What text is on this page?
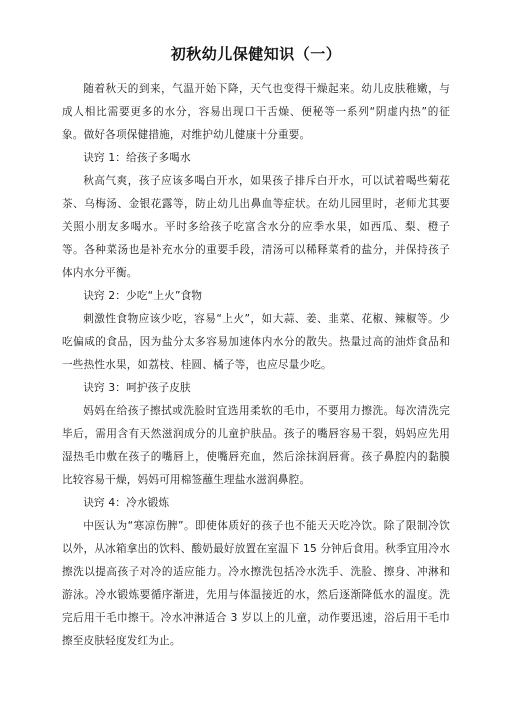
初秋幼儿保健知识（一）

随着秋天的到来，气温开始下降，天气也变得干燥起来。幼儿皮肤稚嫩，与成人相比需要更多的水分，容易出现口干舌燥、便秘等一系列“阴虚内热”的征象。做好各项保健措施，对维护幼儿健康十分重要。

诀窍 1：给孩子多喝水

秋高气爽，孩子应该多喝白开水，如果孩子排斥白开水，可以试着喝些菊花茶、乌梅汤、金银花露等，防止幼儿出鼻血等症状。在幼儿园里时，老师尤其要关照小朋友多喝水。平时多给孩子吃富含水分的应季水果，如西瓜、梨、橙子等。各种菜汤也是补充水分的重要手段，清汤可以稀释菜肴的盐分，并保持孩子体内水分平衡。

诀窍 2：少吃“上火”食物

刺激性食物应该少吃，容易“上火”，如大蒜、姜、韭菜、花椒、辣椒等。少吃偏咸的食品，因为盐分太多容易加速体内水分的散失。热量过高的油炸食品和一些热性水果，如荔枝、桂圆、橘子等，也应尽量少吃。

诀窍 3：呵护孩子皮肤

妈妈在给孩子擦拭或洗脸时宜选用柔软的毛巾，不要用力擦洗。每次清洗完毕后，需用含有天然滋润成分的儿童护肤品。孩子的嘴唇容易干裂，妈妈应先用湿热毛巾敷在孩子的嘴唇上，使嘴唇充血，然后涂抹润唇膏。孩子鼻腔内的黏膜比较容易干燥，妈妈可用棉签蘸生理盐水滋润鼻腔。

诀窍 4：冷水锻炼

中医认为“寒凉伤脾”。即使体质好的孩子也不能天天吃冷饮。除了限制冷饮以外，从冰箱拿出的饮料、酸奶最好放置在室温下 15 分钟后食用。秋季宜用冷水擦洗以提高孩子对冷的适应能力。冷水擦洗包括冷水洗手、洗脸、擦身、冲淋和游泳。冷水锻炼要循序渐进，先用与体温接近的水，然后逐渐降低水的温度。洗完后用干毛巾擦干。冷水冲淋适合 3 岁以上的儿童，动作要迅速，浴后用干毛巾擦至皮肤轻度发红为止。
